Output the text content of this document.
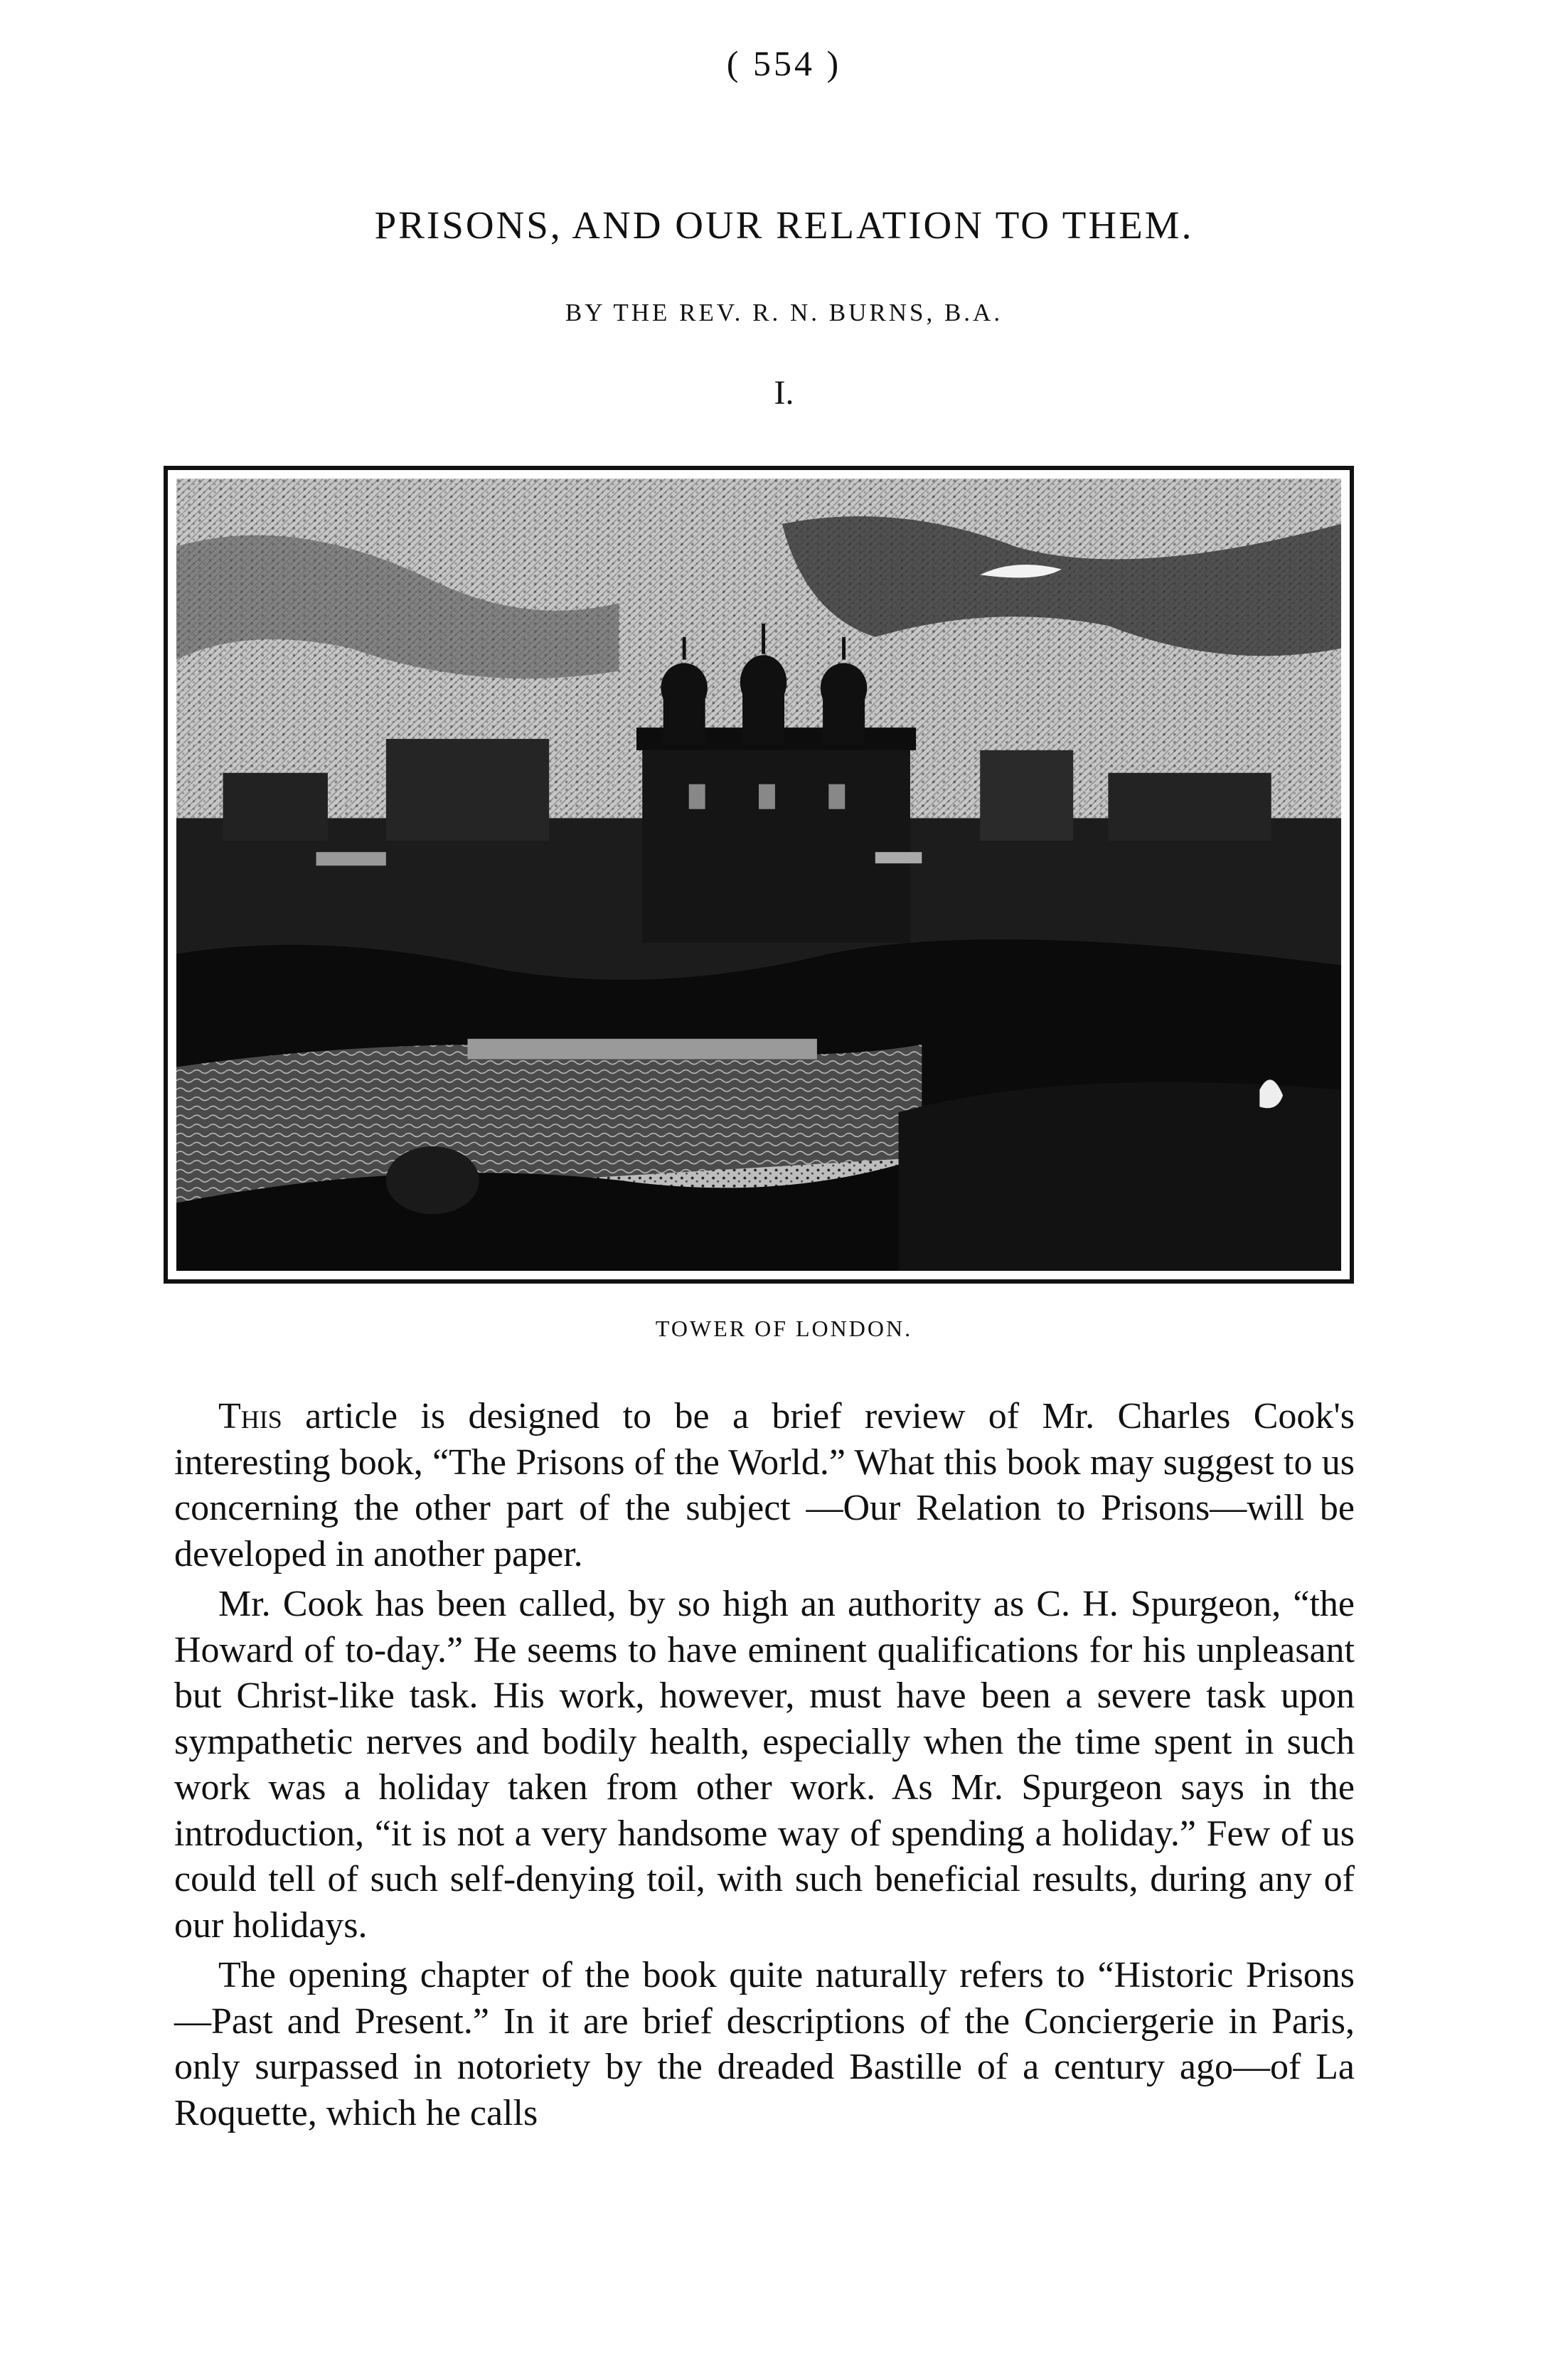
( 554 )
PRISONS, AND OUR RELATION TO THEM.
BY THE REV. R. N. BURNS, B.A.
I.
TOWER OF LONDON.

This article is designed to be a brief review of Mr. Charles Cook's interesting book, “The Prisons of the World.” What this book may suggest to us concerning the other part of the subject —Our Relation to Prisons—will be developed in another paper.

Mr. Cook has been called, by so high an authority as C. H. Spurgeon, “the Howard of to-day.” He seems to have eminent qualifications for his unpleasant but Christ-like task. His work, however, must have been a severe task upon sympathetic nerves and bodily health, especially when the time spent in such work was a holiday taken from other work. As Mr. Spurgeon says in the introduction, “it is not a very handsome way of spending a holiday.” Few of us could tell of such self-denying toil, with such beneficial results, during any of our holidays.

The opening chapter of the book quite naturally refers to “Historic Prisons—Past and Present.” In it are brief descriptions of the Conciergerie in Paris, only surpassed in notoriety by the dreaded Bastille of a century ago—of La Roquette, which he calls
